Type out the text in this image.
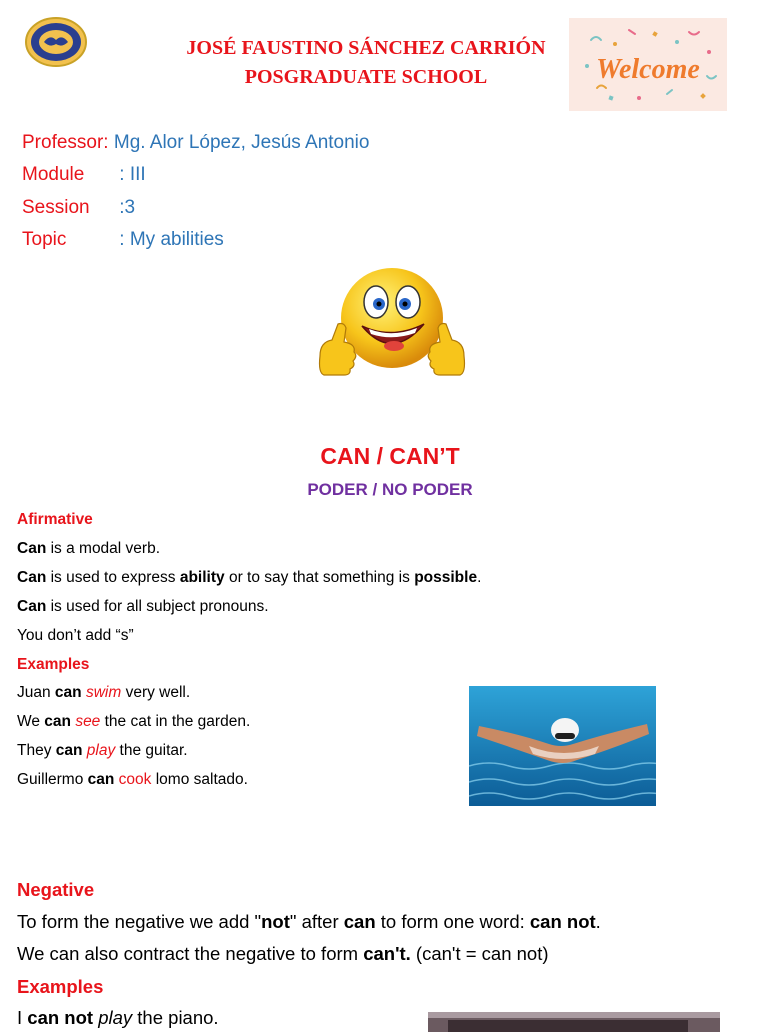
JOSÉ FAUSTINO SÁNCHEZ CARRIÓN
POSGRADUATE SCHOOL	Welcome
Professor: Mg. Alor López, Jesús Antonio
Module : III
Session :3
Topic	: My abilities
CAN / CAN’T
PODER / NO PODER
Afirmative
Can is a modal verb.
Can is used to express ability or to say that something is possible.
Can is used for all subject pronouns.
You don’t add “s”
Examples
Juan can swim very well.
We can see the cat in the garden.
They can play the guitar.
Guillermo can cook lomo saltado.
Negative
To form the negative we add "not" after can to form one word: can not.
We can also contract the negative to form can't. (can't = can not)
Examples
I can not play the piano.
